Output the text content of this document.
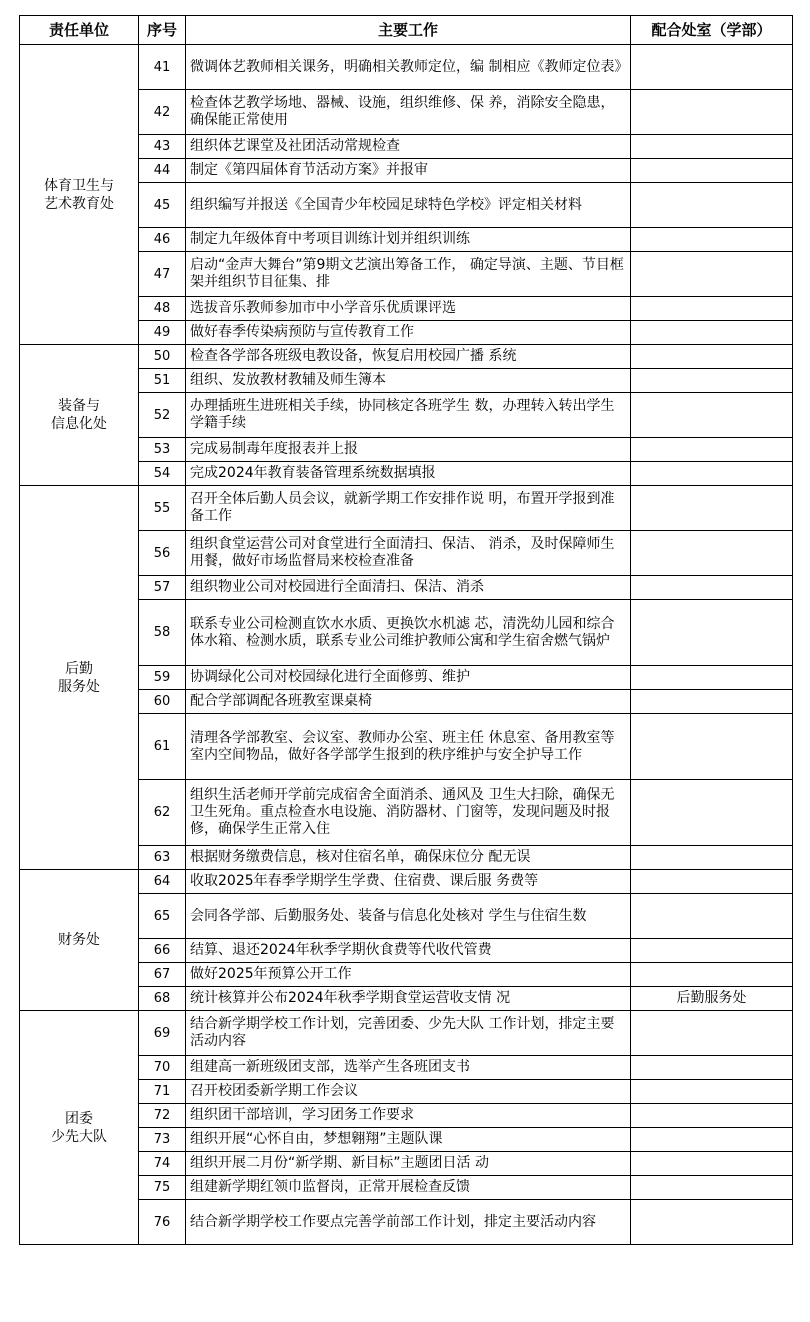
责任单位	序号	主要工作	配合处室（学部）
体育卫生与
艺术教育处	41	微调体艺教师相关课务，明确相关教师定位，编 制相应《教师定位表》	
	42	检查体艺教学场地、器械、设施，组织维修、保 养，消除安全隐患，确保能正常使用	
	43	组织体艺课堂及社团活动常规检查	
	44	制定《第四届体育节活动方案》并报审	
	45	组织编写并报送《全国青少年校园足球特色学校》评定相关材料	
	46	制定九年级体育中考项目训练计划并组织训练	
	47	启动“金声大舞台”第9期文艺演出筹备工作， 确定导演、主题、节目框架并组织节目征集、排	
	48	选拔音乐教师参加市中小学音乐优质课评选	
	49	做好春季传染病预防与宣传教育工作	
装备与
信息化处	50	检查各学部各班级电教设备，恢复启用校园广播 系统	
	51	组织、发放教材教辅及师生簿本	
	52	办理插班生进班相关手续，协同核定各班学生 数，办理转入转出学生学籍手续	
	53	完成易制毒年度报表并上报	
	54	完成2024年教育装备管理系统数据填报	
后勤
服务处	55	召开全体后勤人员会议，就新学期工作安排作说 明，布置开学报到准备工作	
	56	组织食堂运营公司对食堂进行全面清扫、保洁、 消杀，及时保障师生用餐，做好市场监督局来校检查准备	
	57	组织物业公司对校园进行全面清扫、保洁、消杀	
	58	联系专业公司检测直饮水水质、更换饮水机滤 芯，清洗幼儿园和综合体水箱、检测水质，联系专业公司维护教师公寓和学生宿舍燃气锅炉	
	59	协调绿化公司对校园绿化进行全面修剪、维护	
	60	配合学部调配各班教室课桌椅	
	61	清理各学部教室、会议室、教师办公室、班主任 休息室、备用教室等室内空间物品，做好各学部学生报到的秩序维护与安全护导工作	
	62	组织生活老师开学前完成宿舍全面消杀、通风及 卫生大扫除，确保无卫生死角。重点检查水电设施、消防器材、门窗等，发现问题及时报修，确保学生正常入住	
	63	根据财务缴费信息，核对住宿名单，确保床位分 配无误	
财务处	64	收取2025年春季学期学生学费、住宿费、课后服 务费等	
	65	会同各学部、后勤服务处、装备与信息化处核对 学生与住宿生数	
	66	结算、退还2024年秋季学期伙食费等代收代管费	
	67	做好2025年预算公开工作	
	68	统计核算并公布2024年秋季学期食堂运营收支情 况	后勤服务处
团委
少先大队	69	结合新学期学校工作计划，完善团委、少先大队 工作计划，排定主要活动内容	
	70	组建高一新班级团支部，选举产生各班团支书	
	71	召开校团委新学期工作会议	
	72	组织团干部培训，学习团务工作要求	
	73	组织开展“心怀自由，梦想翱翔”主题队课	
	74	组织开展二月份“新学期、新目标”主题团日活 动	
	75	组建新学期红领巾监督岗，正常开展检查反馈	
	76	结合新学期学校工作要点完善学前部工作计划，排定主要活动内容	
